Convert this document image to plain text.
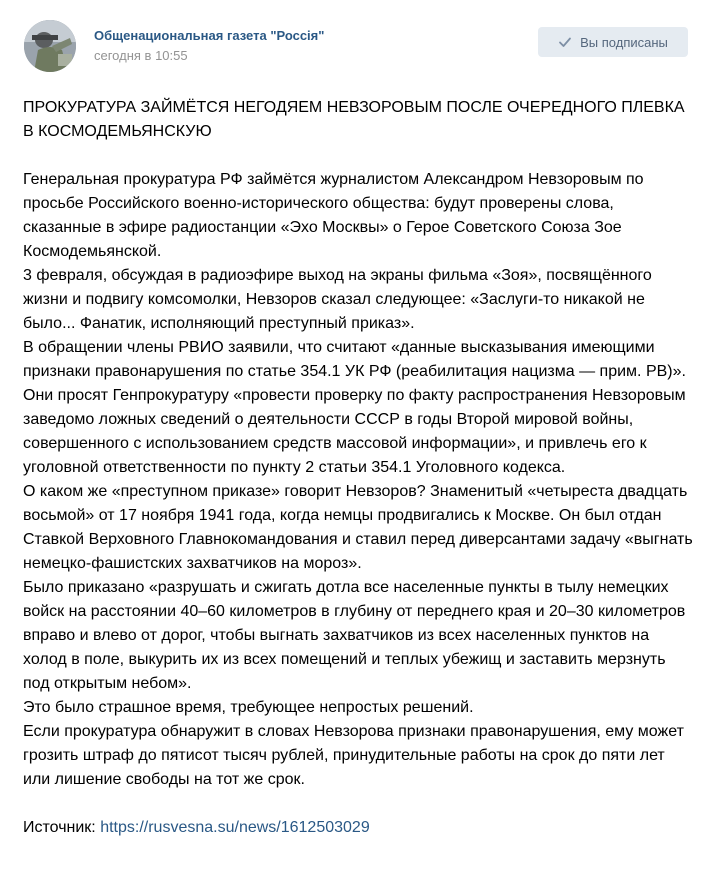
Общенациональная газета "Россія"
сегодня в 10:55
Вы подписаны
ПРОКУРАТУРА ЗАЙМЁТСЯ НЕГОДЯЕМ НЕВЗОРОВЫМ ПОСЛЕ ОЧЕРЕДНОГО ПЛЕВКА В КОСМОДЕМЬЯНСКУЮ

Генеральная прокуратура РФ займётся журналистом Александром Невзоровым по просьбе Российского военно-исторического общества: будут проверены слова, сказанные в эфире радиостанции «Эхо Москвы» о Герое Советского Союза Зое Космодемьянской.

3 февраля, обсуждая в радиоэфире выход на экраны фильма «Зоя», посвящённого жизни и подвигу комсомолки, Невзоров сказал следующее: «Заслуги-то никакой не было... Фанатик, исполняющий преступный приказ».

В обращении члены РВИО заявили, что считают «данные высказывания имеющими признаки правонарушения по статье 354.1 УК РФ (реабилитация нацизма — прим. РВ)».

Они просят Генпрокуратуру «провести проверку по факту распространения Невзоровым заведомо ложных сведений о деятельности СССР в годы Второй мировой войны, совершенного с использованием средств массовой информации», и привлечь его к уголовной ответственности по пункту 2 статьи 354.1 Уголовного кодекса.

О каком же «преступном приказе» говорит Невзоров? Знаменитый «четыреста двадцать восьмой» от 17 ноября 1941 года, когда немцы продвигались к Москве. Он был отдан Ставкой Верховного Главнокомандования и ставил перед диверсантами задачу «выгнать немецко-фашистских захватчиков на мороз».

Было приказано «разрушать и сжигать дотла все населенные пункты в тылу немецких войск на расстоянии 40–60 километров в глубину от переднего края и 20–30 километров вправо и влево от дорог, чтобы выгнать захватчиков из всех населенных пунктов на холод в поле, выкурить их из всех помещений и теплых убежищ и заставить мерзнуть под открытым небом».

Это было страшное время, требующее непростых решений.

Если прокуратура обнаружит в словах Невзорова признаки правонарушения, ему может грозить штраф до пятисот тысяч рублей, принудительные работы на срок до пяти лет или лишение свободы на тот же срок.

Источник: https://rusvesna.su/news/1612503029
